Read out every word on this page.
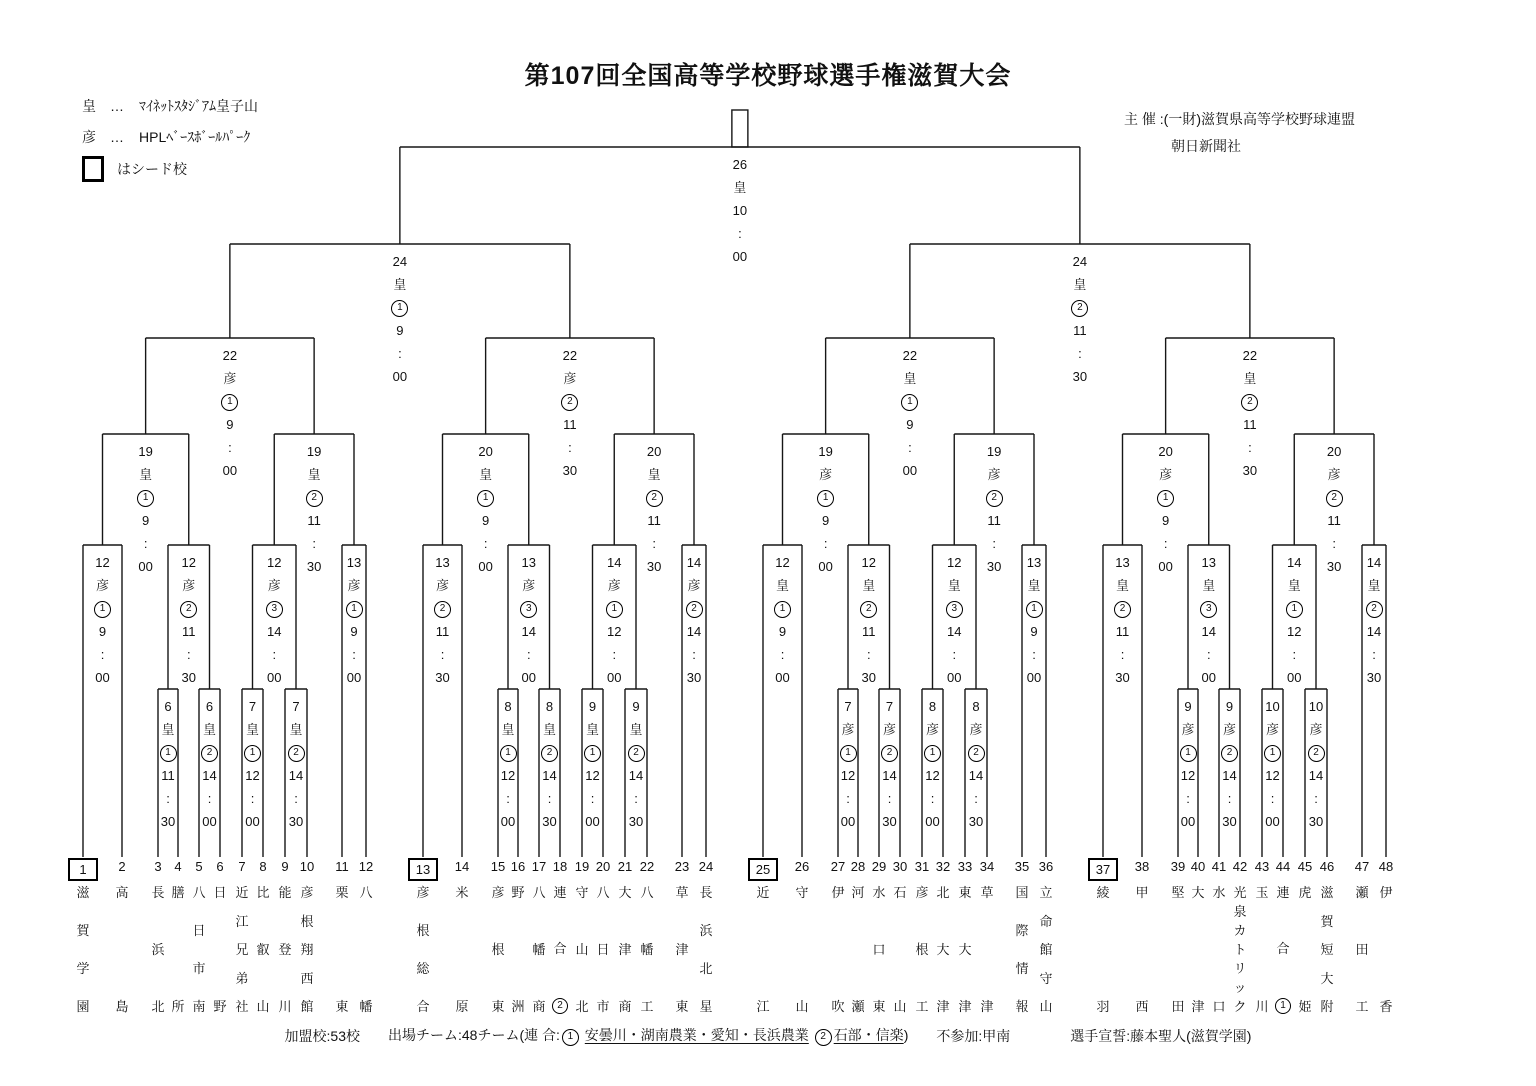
第107回全国高等学校野球選手権滋賀大会
皇 … ﾏｲﾈｯﾄｽﾀｼﾞｱﾑ皇子山
彦 … HPLﾍﾞｰｽﾎﾞｰﾙﾊﾟｰｸ
はシード校
主 催 :(一財)滋賀県高等学校野球連盟
朝日新聞社
6
皇
1
11
:
30
6
皇
2
14
:
00
7
皇
1
12
:
00
7
皇
2
14
:
30
8
皇
1
12
:
00
8
皇
2
14
:
30
9
皇
1
12
:
00
9
皇
2
14
:
30
7
彦
1
12
:
00
7
彦
2
14
:
30
8
彦
1
12
:
00
8
彦
2
14
:
30
9
彦
1
12
:
00
9
彦
2
14
:
30
10
彦
1
12
:
00
10
彦
2
14
:
30
12
彦
1
9
:
00
12
彦
2
11
:
30
12
彦
3
14
:
00
13
彦
1
9
:
00
13
彦
2
11
:
30
13
彦
3
14
:
00
14
彦
1
12
:
00
14
彦
2
14
:
30
12
皇
1
9
:
00
12
皇
2
11
:
30
12
皇
3
14
:
00
13
皇
1
9
:
00
13
皇
2
11
:
30
13
皇
3
14
:
00
14
皇
1
12
:
00
14
皇
2
14
:
30
19
皇
1
9
:
00
19
皇
2
11
:
30
20
皇
1
9
:
00
20
皇
2
11
:
30
19
彦
1
9
:
00
19
彦
2
11
:
30
20
彦
1
9
:
00
20
彦
2
11
:
30
22
彦
1
9
:
00
22
彦
2
11
:
30
22
皇
1
9
:
00
22
皇
2
11
:
30
24
皇
1
9
:
00
24
皇
2
11
:
30
26
皇
10
:
00
1
滋
賀
学
園
2
高
島
3
長
浜
北
4
膳
所
5
八
日
市
南
6
日
野
7
近
江
兄
弟
社
8
比
叡
山
9
能
登
川
10
彦
根
翔
西
館
11
栗
東
12
八
幡
13
彦
根
総
合
14
米
原
15
彦
根
東
16
野
洲
17
八
幡
商
18
連
合
2
19
守
山
北
20
八
日
市
21
大
津
商
22
八
幡
工
23
草
津
東
24
長
浜
北
星
25
近
江
26
守
山
27
伊
吹
28
河
瀬
29
水
口
東
30
石
山
31
彦
根
工
32
北
大
津
33
東
大
津
34
草
津
35
国
際
情
報
36
立
命
館
守
山
37
綾
羽
38
甲
西
39
堅
田
40
大
津
41
水
口
42
光
泉
カ
ト
リ
ッ
ク
43
玉
川
44
連
合
1
45
虎
姫
46
滋
賀
短
大
附
47
瀬
田
工
48
伊
香
加盟校:53校 出場チーム:48チーム(連 合: 1 安曇川・湖南農業・愛知・長浜農業 2 石部・信楽) 不参加:甲南	選手宣誓:藤本聖人(滋賀学園)
